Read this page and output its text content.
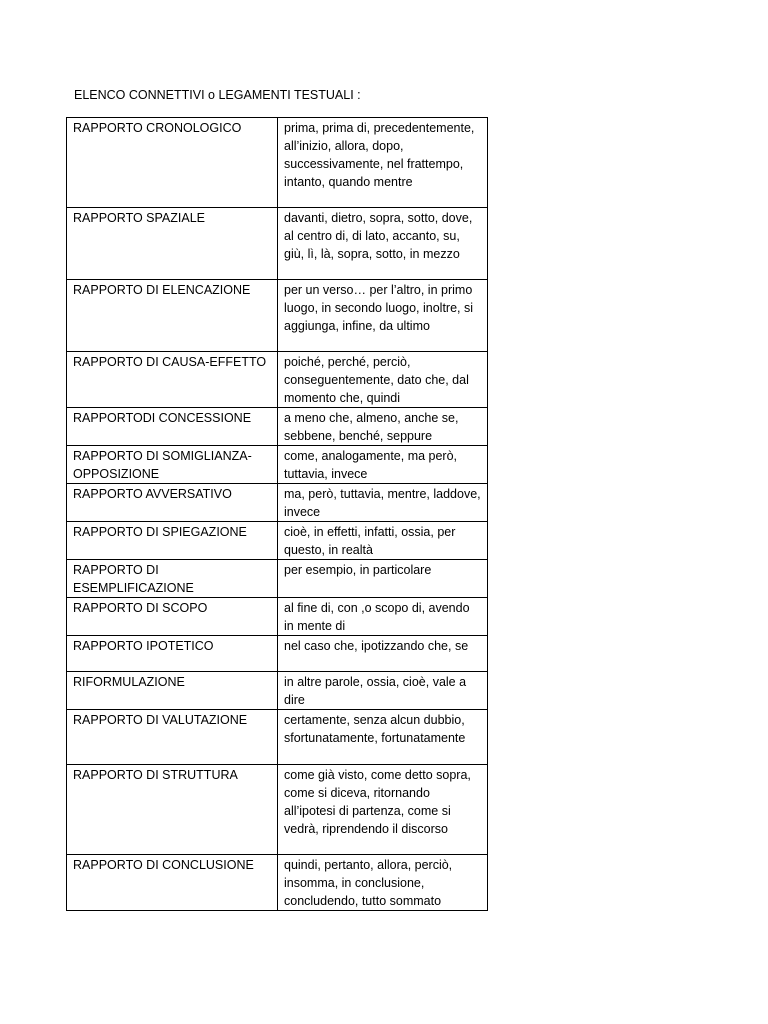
ELENCO CONNETTIVI o LEGAMENTI TESTUALI :
RAPPORTO CRONOLOGICO	prima, prima di, precedentemente, all’inizio, allora, dopo, successivamente, nel frattempo, intanto, quando mentre
RAPPORTO SPAZIALE	davanti, dietro, sopra, sotto, dove, al centro di, di lato, accanto, su, giù, lì, là, sopra, sotto, in mezzo
RAPPORTO DI ELENCAZIONE	per un verso… per l’altro, in primo luogo, in secondo luogo, inoltre, si aggiunga, infine, da ultimo
RAPPORTO DI CAUSA-EFFETTO	poiché, perché, perciò, conseguentemente, dato che, dal momento che, quindi
RAPPORTODI CONCESSIONE	a meno che, almeno, anche se, sebbene, benché, seppure
RAPPORTO DI SOMIGLIANZA-OPPOSIZIONE	come, analogamente, ma però, tuttavia, invece
RAPPORTO AVVERSATIVO	ma, però, tuttavia, mentre, laddove, invece
RAPPORTO DI SPIEGAZIONE	cioè, in effetti, infatti, ossia, per questo, in realtà
RAPPORTO DI ESEMPLIFICAZIONE	per esempio, in particolare
RAPPORTO DI SCOPO	al fine di, con ,o scopo di, avendo in mente di
RAPPORTO IPOTETICO	nel caso che, ipotizzando che, se
RIFORMULAZIONE	in altre parole, ossia, cioè, vale a dire
RAPPORTO DI VALUTAZIONE	certamente, senza alcun dubbio, sfortunatamente, fortunatamente
RAPPORTO DI STRUTTURA	come già visto, come detto sopra, come si diceva, ritornando all’ipotesi di partenza, come si vedrà, riprendendo il discorso
RAPPORTO DI CONCLUSIONE	quindi, pertanto, allora, perciò, insomma, in conclusione, concludendo, tutto sommato
